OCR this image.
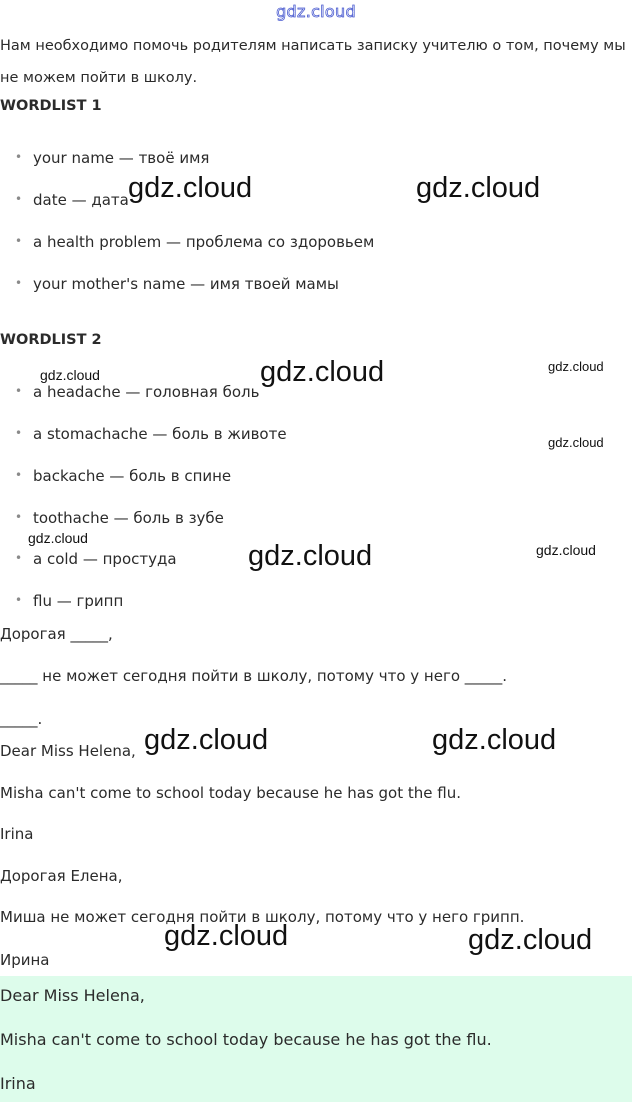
gdz.cloud
Нам необходимо помочь родителям написать записку учителю о том, почему мы не можем пойти в школу.
WORDLIST 1
• your name — твоё имя
• date — дата
• a health problem — проблема со здоровьем
• your mother's name — имя твоей мамы
WORDLIST 2
• a headache — головная боль
• a stomachache — боль в животе
• backache — боль в спине
• toothache — боль в зубе
• a cold — простуда
• flu — грипп
Дорогая _____,
_____ не может сегодня пойти в школу, потому что у него _____.
_____.
Dear Miss Helena,
Misha can't come to school today because he has got the flu.
Irina
Дорогая Елена,
Миша не может сегодня пойти в школу, потому что у него грипп.
Ирина
Dear Miss Helena,
Misha can't come to school today because he has got the flu.
Irina
gdz.cloud	gdz.cloud
gdz.cloud
gdz.cloud
gdz.cloud
gdz.cloud
gdz.cloud
gdz.cloud	gdz.cloud
gdz.cloud	gdz.cloud
gdz.cloud	gdz.cloud
